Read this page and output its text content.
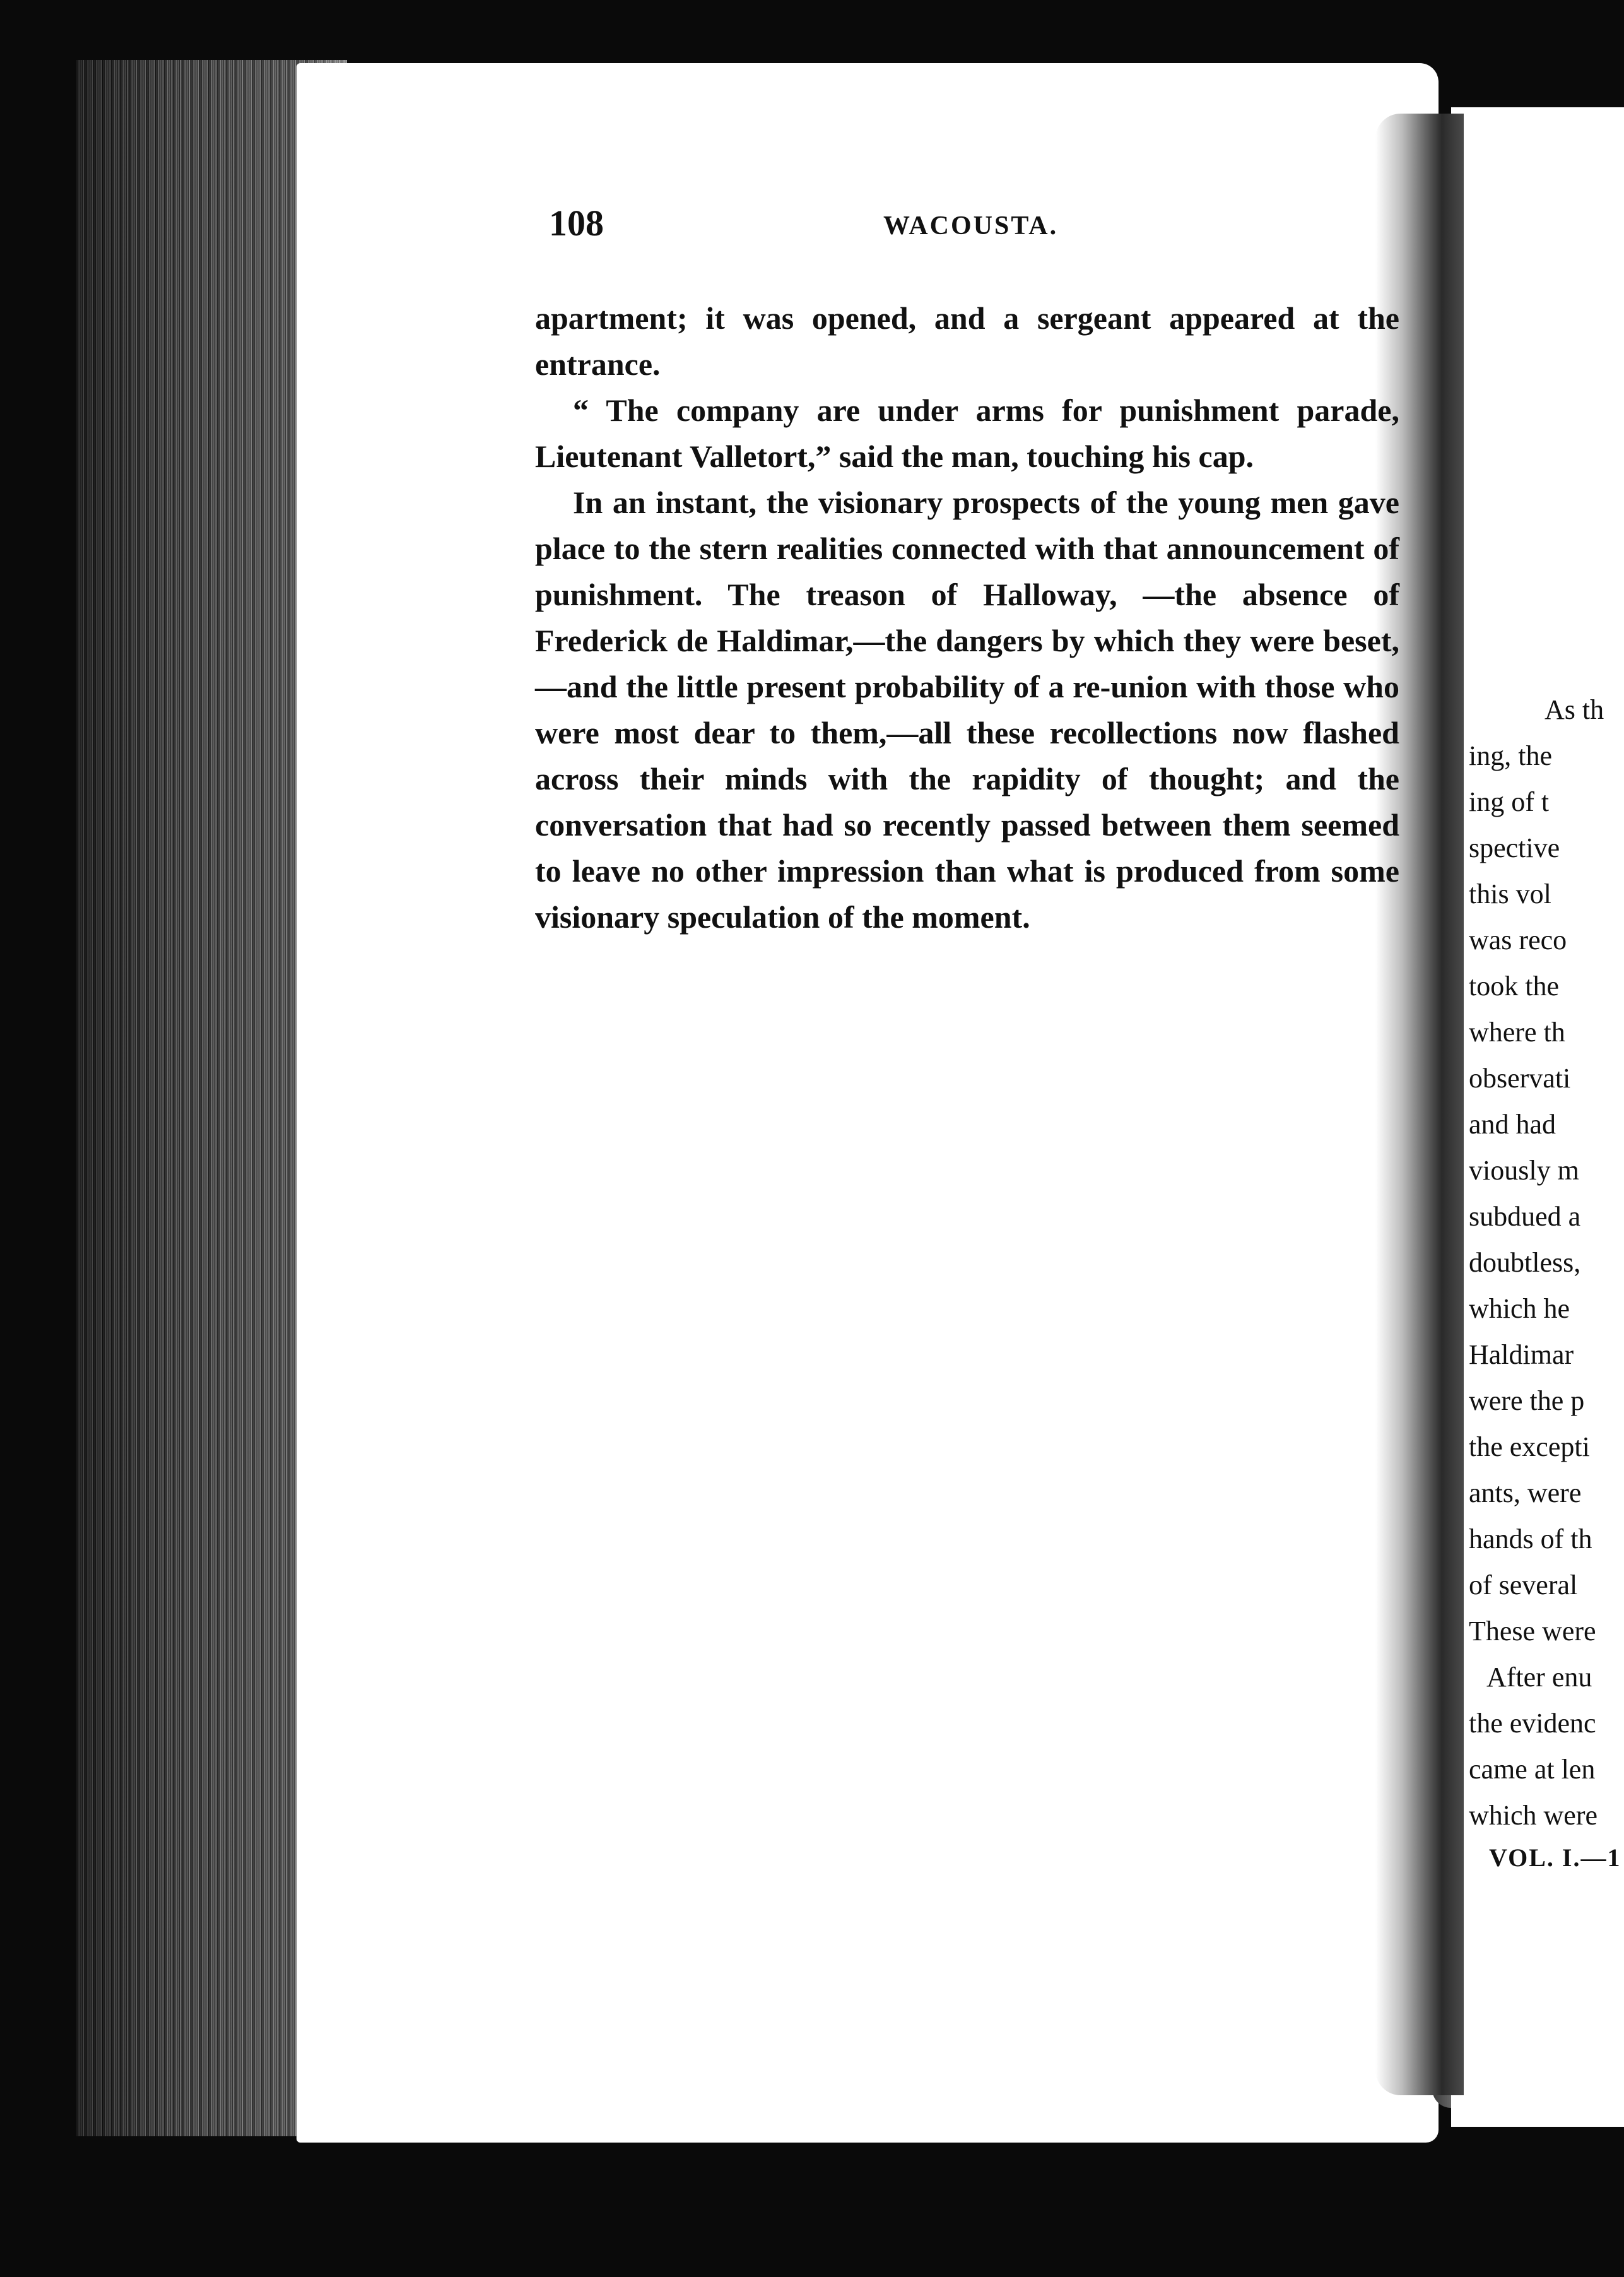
108	WACOUSTA.

apartment; it was opened, and a sergeant appeared at the entrance.

“ The company are under arms for punishment parade, Lieutenant Valletort,” said the man, touching his cap.

In an instant, the visionary prospects of the young men gave place to the stern realities connected with that announcement of punishment. The treason of Halloway, —the absence of Frederick de Haldimar,—the dangers by which they were beset,—and the little present probability of a re-union with those who were most dear to them,—all these recollections now flashed across their minds with the rapidity of thought; and the conversation that had so recently passed between them seemed to leave no other impression than what is produced from some visionary speculation of the moment.

As th
ing, the
ing of t
spective
this vol
was reco
took the
where th
observati
and had
viously m
subdued a
doubtless,
which he
Haldimar
were the p
the excepti
ants, were
hands of th
of several
These were
After enu
the evidenc
came at len
which were
VOL. I.—1
